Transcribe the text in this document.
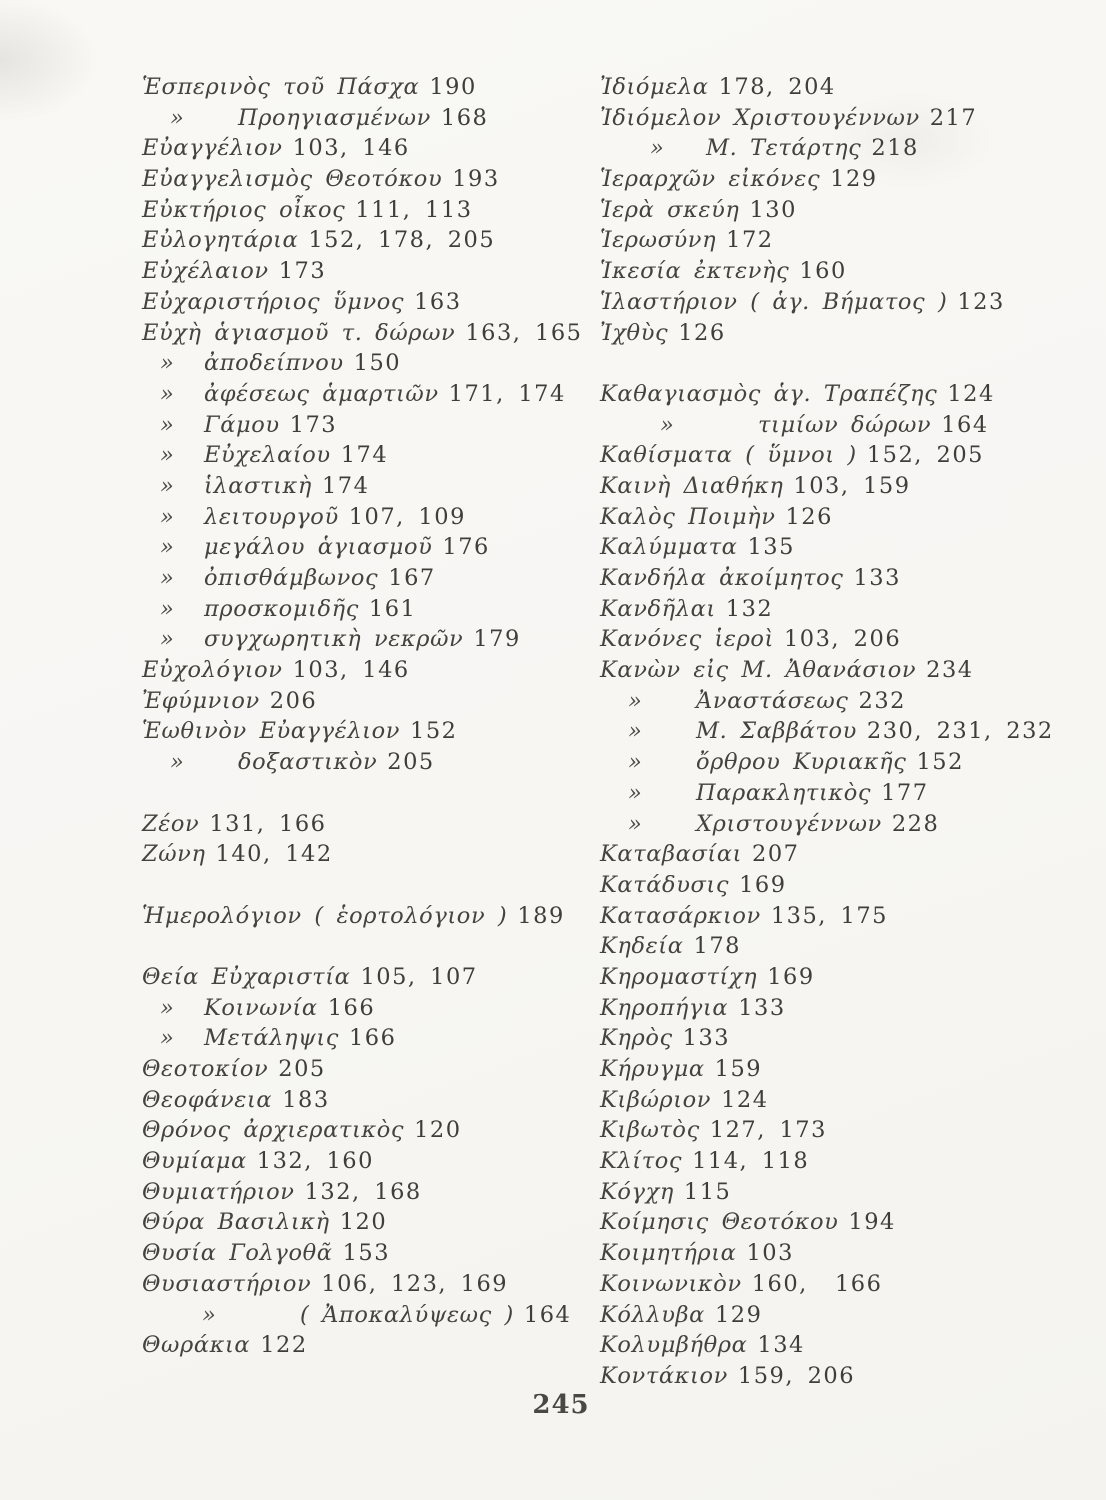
Ἑσπερινὸς τοῦ Πάσχα 190
» Προηγιασμένων 168
Εὐαγγέλιον 103, 146
Εὐαγγελισμὸς Θεοτόκου 193
Εὐκτήριος οἶκος 111, 113
Εὐλογητάρια 152, 178, 205
Εὐχέλαιον 173
Εὐχαριστήριος ὕμνος 163
Εὐχὴ ἁγιασμοῦ τ. δώρων 163, 165
» ἀποδείπνου 150
» ἀφέσεως ἁμαρτιῶν 171, 174
» Γάμου 173
» Εὐχελαίου 174
» ἱλαστικὴ 174
» λειτουργοῦ 107, 109
» μεγάλου ἁγιασμοῦ 176
» ὀπισθάμβωνος 167
» προσκομιδῆς 161
» συγχωρητικὴ νεκρῶν 179
Εὐχολόγιον 103, 146
Ἐφύμνιον 206
Ἑωθινὸν Εὐαγγέλιον 152
» δοξαστικὸν 205
Ζέον 131, 166
Ζώνη 140, 142
Ἡμερολόγιον ( ἑορτολόγιον ) 189
Θεία Εὐχαριστία 105, 107
» Κοινωνία 166
» Μετάληψις 166
Θεοτοκίον 205
Θεοφάνεια 183
Θρόνος ἀρχιερατικὸς 120
Θυμίαμα 132, 160
Θυμιατήριον 132, 168
Θύρα Βασιλικὴ 120
Θυσία Γολγοθᾶ 153
Θυσιαστήριον 106, 123, 169
»	( Ἀποκαλύψεως ) 164
Θωράκια 122
Ἰδιόμελα 178, 204
Ἰδιόμελον Χριστουγέννων 217
» Μ. Τετάρτης 218
Ἱεραρχῶν εἰκόνες 129
Ἱερὰ σκεύη 130
Ἱερωσύνη 172
Ἱκεσία ἐκτενὴς 160
Ἱλαστήριον ( ἁγ. Βήματος ) 123
Ἰχθὺς 126
Καθαγιασμὸς ἁγ. Τραπέζης 124
»	τιμίων δώρων 164
Καθίσματα ( ὕμνοι ) 152, 205
Καινὴ Διαθήκη 103, 159
Καλὸς Ποιμὴν 126
Καλύμματα 135
Κανδήλα ἀκοίμητος 133
Κανδῆλαι 132
Κανόνες ἱεροὶ 103, 206
Κανὼν εἰς Μ. Ἀθανάσιον 234
» Ἀναστάσεως 232
» Μ. Σαββάτου 230, 231, 232
» ὄρθρου Κυριακῆς 152
» Παρακλητικὸς 177
» Χριστουγέννων 228
Καταβασίαι 207
Κατάδυσις 169
Κατασάρκιον 135, 175
Κηδεία 178
Κηρομαστίχη 169
Κηροπήγια 133
Κηρὸς 133
Κήρυγμα 159
Κιβώριον 124
Κιβωτὸς 127, 173
Κλίτος 114, 118
Κόγχη 115
Κοίμησις Θεοτόκου 194
Κοιμητήρια 103
Κοινωνικὸν 160,  166
Κόλλυβα 129
Κολυμβήθρα 134
Κοντάκιον 159, 206
245
